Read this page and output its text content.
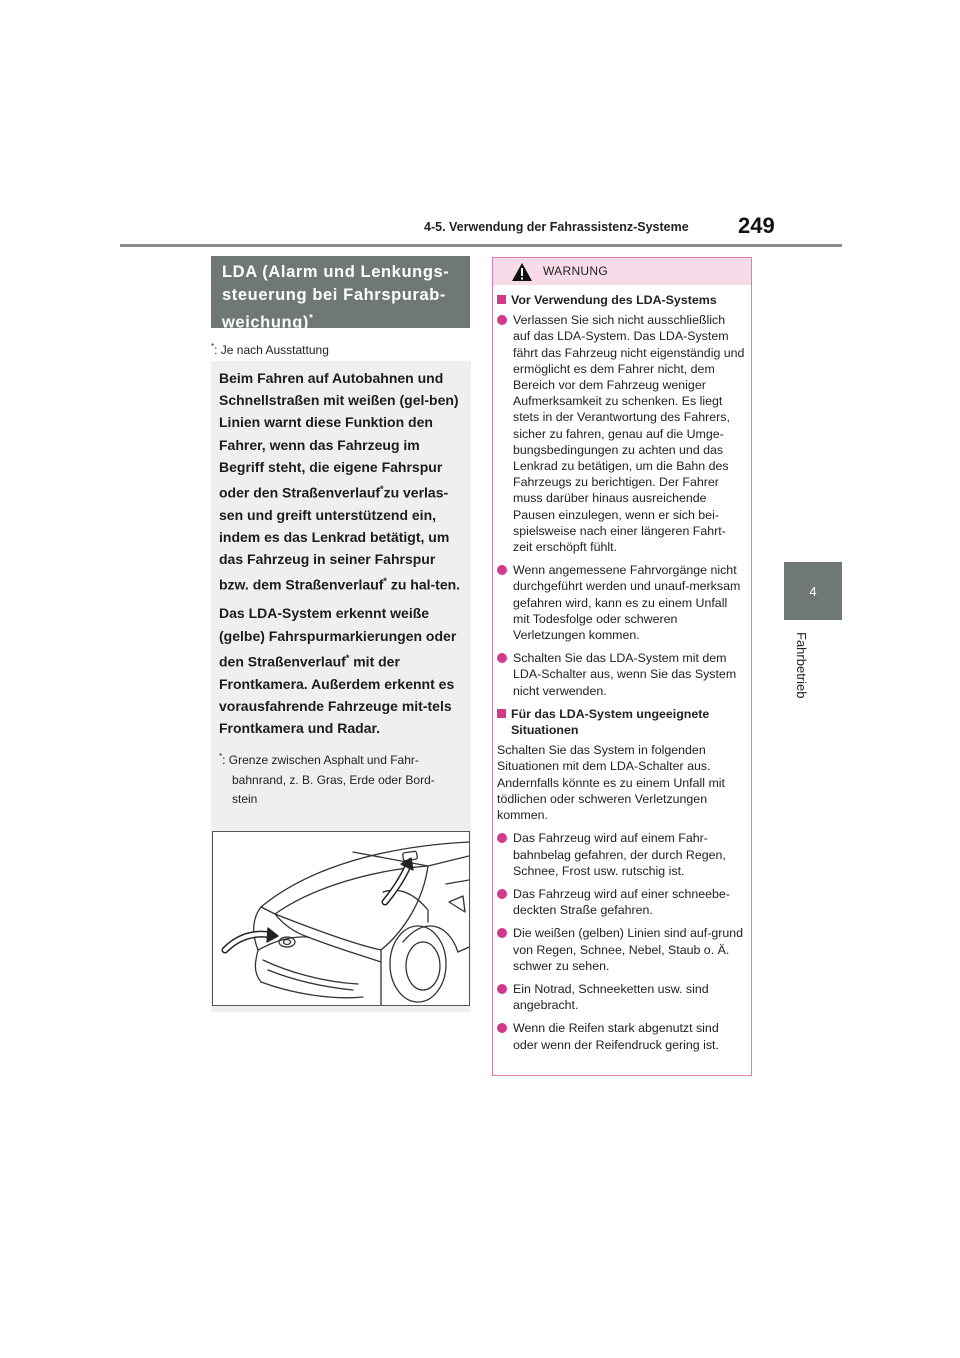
4-5. Verwendung der Fahrassistenz-Systeme 249
4
Fahrbetrieb
LDA (Alarm und Lenkungs-
steuerung bei Fahrspurab-
weichung)*
*: Je nach Ausstattung

Beim Fahren auf Autobahnen und Schnellstraßen mit weißen (gel-ben) Linien warnt diese Funktion den Fahrer, wenn das Fahrzeug im Begriff steht, die eigene Fahrspur oder den Straßenverlauf*zu verlas-sen und greift unterstützend ein, indem es das Lenkrad betätigt, um das Fahrzeug in seiner Fahrspur bzw. dem Straßenverlauf* zu hal-ten.

Das LDA-System erkennt weiße (gelbe) Fahrspurmarkierungen oder den Straßenverlauf* mit der Frontkamera. Außerdem erkennt es vorausfahrende Fahrzeuge mit-tels Frontkamera und Radar.

*: Grenze zwischen Asphalt und Fahr-
bahnrand, z. B. Gras, Erde oder Bord-
stein
WARNUNG
Vor Verwendung des LDA-Systems
Verlassen Sie sich nicht ausschließlich auf das LDA-System. Das LDA-System fährt das Fahrzeug nicht eigenständig und ermöglicht es dem Fahrer nicht, dem Bereich vor dem Fahrzeug weniger Aufmerksamkeit zu schenken. Es liegt stets in der Verantwortung des Fahrers, sicher zu fahren, genau auf die Umge-bungsbedingungen zu achten und das Lenkrad zu betätigen, um die Bahn des Fahrzeugs zu berichtigen. Der Fahrer muss darüber hinaus ausreichende Pausen einzulegen, wenn er sich bei-spielsweise nach einer längeren Fahrt-zeit erschöpft fühlt.
Wenn angemessene Fahrvorgänge nicht durchgeführt werden und unauf-merksam gefahren wird, kann es zu einem Unfall mit Todesfolge oder schweren Verletzungen kommen.
Schalten Sie das LDA-System mit dem LDA-Schalter aus, wenn Sie das System nicht verwenden.
Für das LDA-System ungeeignete Situationen

Schalten Sie das System in folgenden Situationen mit dem LDA-Schalter aus. Andernfalls könnte es zu einem Unfall mit tödlichen oder schweren Verletzungen kommen.

Das Fahrzeug wird auf einem Fahr-bahnbelag gefahren, der durch Regen, Schnee, Frost usw. rutschig ist.
Das Fahrzeug wird auf einer schneebe-deckten Straße gefahren.
Die weißen (gelben) Linien sind auf-grund von Regen, Schnee, Nebel, Staub o. Ä. schwer zu sehen.
Ein Notrad, Schneeketten usw. sind angebracht.
Wenn die Reifen stark abgenutzt sind oder wenn der Reifendruck gering ist.
